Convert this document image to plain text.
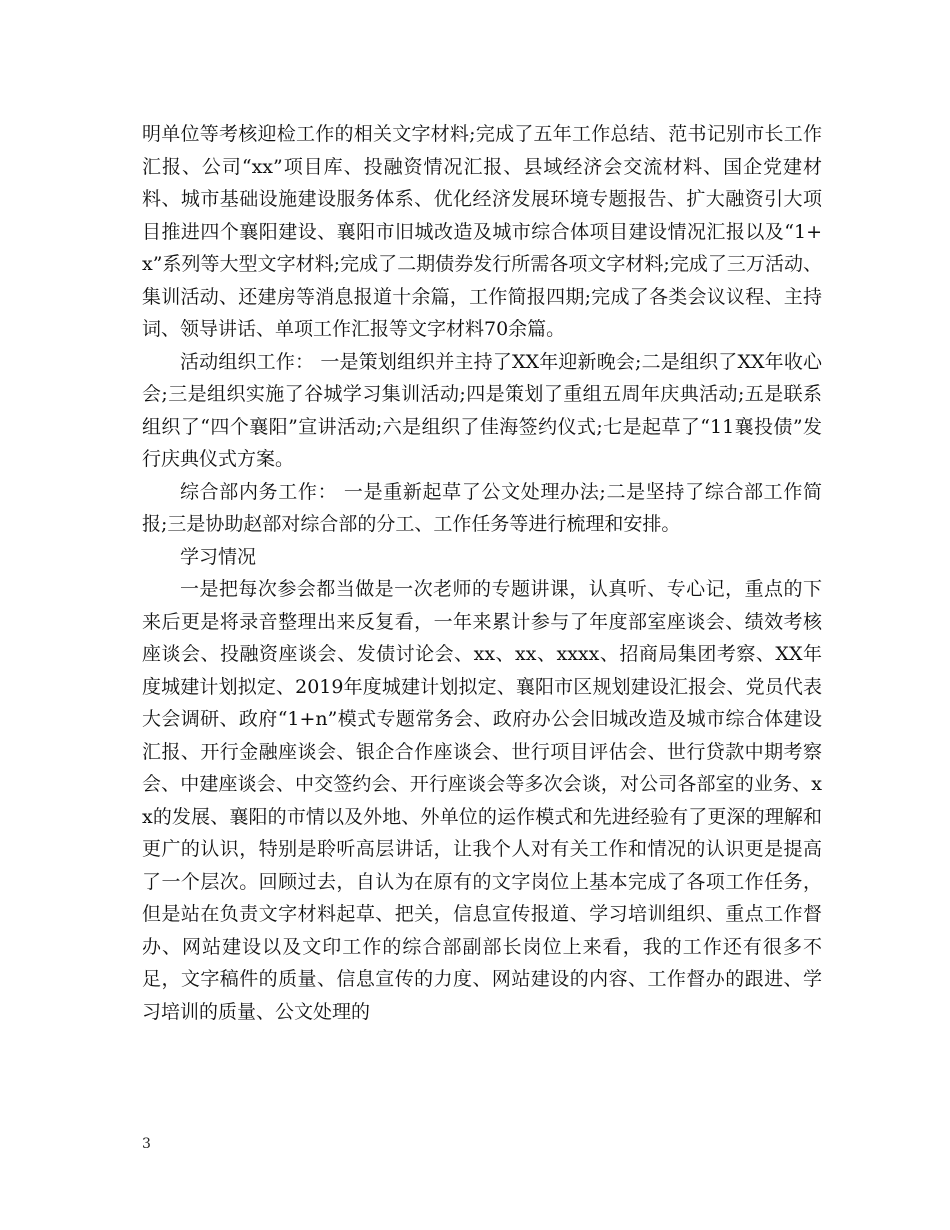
明单位等考核迎检工作的相关文字材料;完成了五年工作总结、范书记别市长工作汇报、公司“xx”项目库、投融资情况汇报、县域经济会交流材料、国企党建材料、城市基础设施建设服务体系、优化经济发展环境专题报告、扩大融资引大项目推进四个襄阳建设、襄阳市旧城改造及城市综合体项目建设情况汇报以及“1+x”系列等大型文字材料;完成了二期债券发行所需各项文字材料;完成了三万活动、集训活动、还建房等消息报道十余篇，工作简报四期;完成了各类会议议程、主持词、领导讲话、单项工作汇报等文字材料70余篇。

活动组织工作： 一是策划组织并主持了XX年迎新晚会;二是组织了XX年收心会;三是组织实施了谷城学习集训活动;四是策划了重组五周年庆典活动;五是联系组织了“四个襄阳”宣讲活动;六是组织了佳海签约仪式;七是起草了“11襄投债”发行庆典仪式方案。

综合部内务工作： 一是重新起草了公文处理办法;二是坚持了综合部工作简报;三是协助赵部对综合部的分工、工作任务等进行梳理和安排。

学习情况

一是把每次参会都当做是一次老师的专题讲课，认真听、专心记，重点的下来后更是将录音整理出来反复看，一年来累计参与了年度部室座谈会、绩效考核座谈会、投融资座谈会、发债讨论会、xx、xx、xxxx、招商局集团考察、XX年度城建计划拟定、2019年度城建计划拟定、襄阳市区规划建设汇报会、党员代表大会调研、政府“1+n”模式专题常务会、政府办公会旧城改造及城市综合体建设汇报、开行金融座谈会、银企合作座谈会、世行项目评估会、世行贷款中期考察会、中建座谈会、中交签约会、开行座谈会等多次会谈，对公司各部室的业务、xx的发展、襄阳的市情以及外地、外单位的运作模式和先进经验有了更深的理解和更广的认识，特别是聆听高层讲话，让我个人对有关工作和情况的认识更是提高了一个层次。回顾过去，自认为在原有的文字岗位上基本完成了各项工作任务，但是站在负责文字材料起草、把关，信息宣传报道、学习培训组织、重点工作督办、网站建设以及文印工作的综合部副部长岗位上来看，我的工作还有很多不足，文字稿件的质量、信息宣传的力度、网站建设的内容、工作督办的跟进、学习培训的质量、公文处理的

3
